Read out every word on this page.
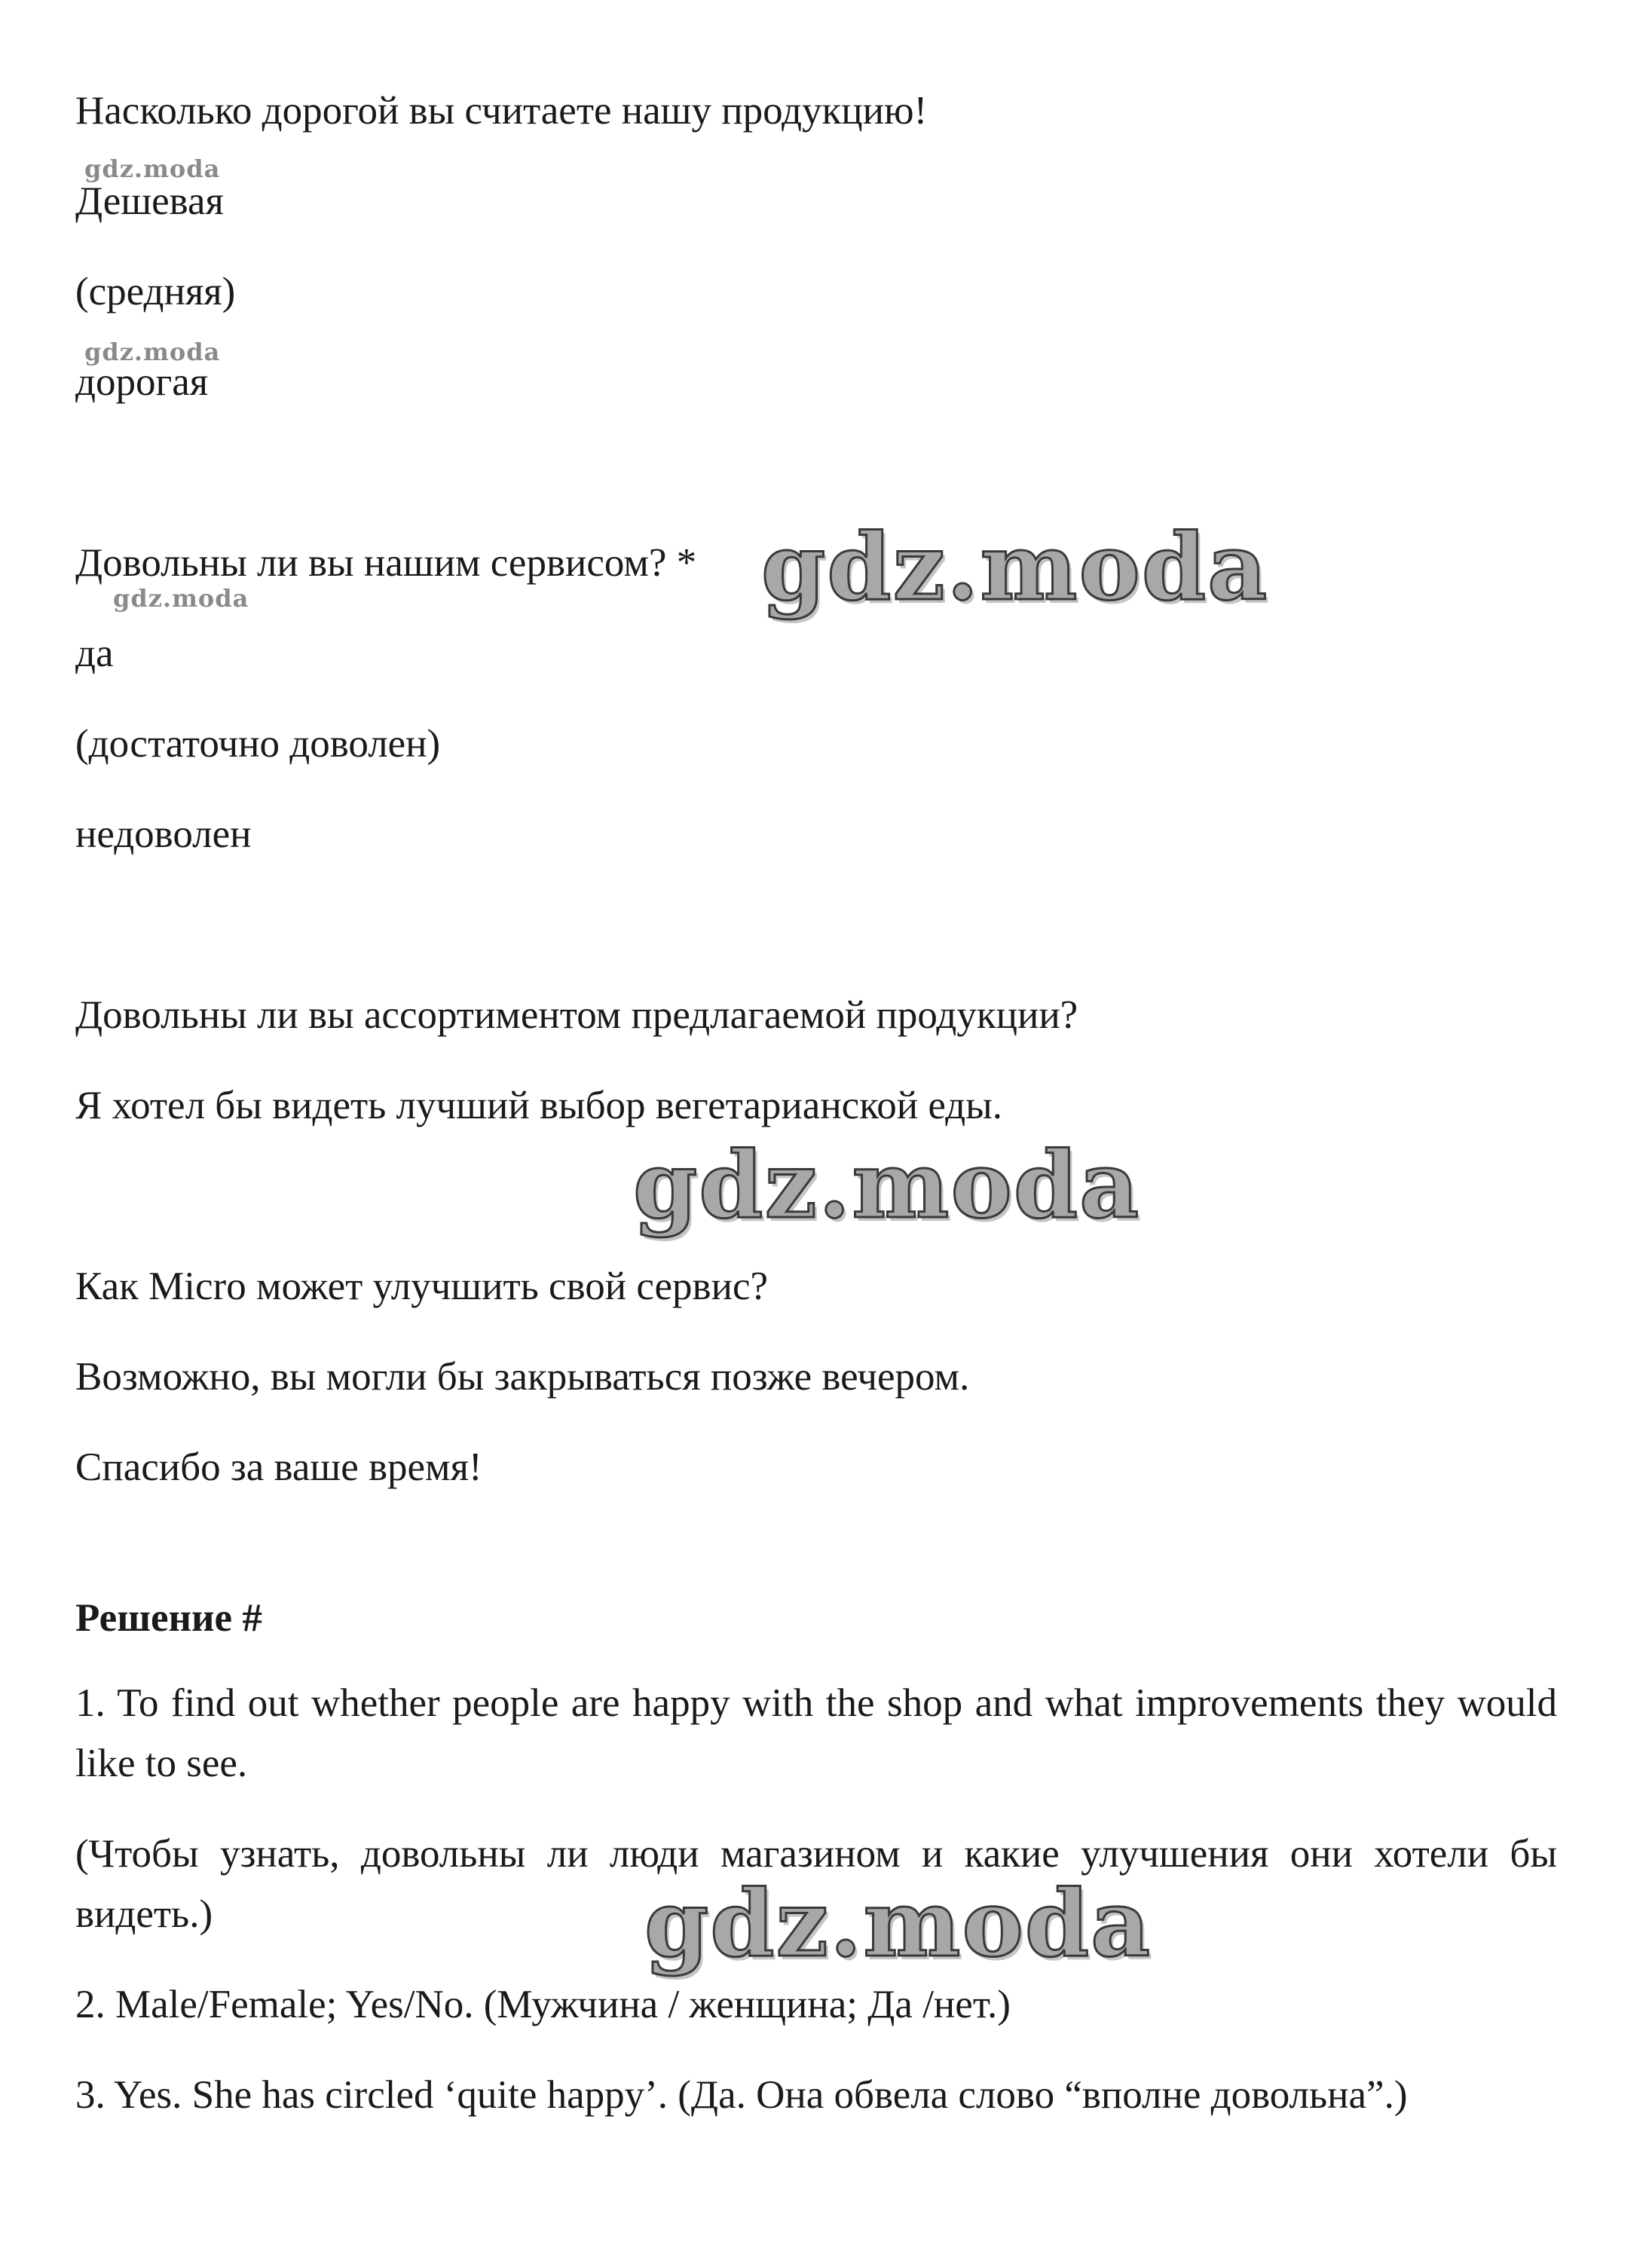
Насколько дорогой вы считаете нашу продукцию!
Дешевая
(средняя)
дорогая
Довольны ли вы нашим сервисом? *
да
(достаточно доволен)
недоволен
Довольны ли вы ассортиментом предлагаемой продукции?
Я хотел бы видеть лучший выбор вегетарианской еды.
Как Micro может улучшить свой сервис?
Возможно, вы могли бы закрываться позже вечером.
Спасибо за ваше время!
Решение #
1. To find out whether people are happy with the shop and what improvements they would like to see.
(Чтобы узнать, довольны ли люди магазином и какие улучшения они хотели бы видеть.)
2. Male/Female; Yes/No. (Мужчина / женщина; Да /нет.)
3. Yes. She has circled ‘quite happy’. (Да. Она обвела слово “вполне довольна”.)
gdz.moda
gdz.moda
gdz.moda	gdz.moda
gdz.moda
gdz.moda
